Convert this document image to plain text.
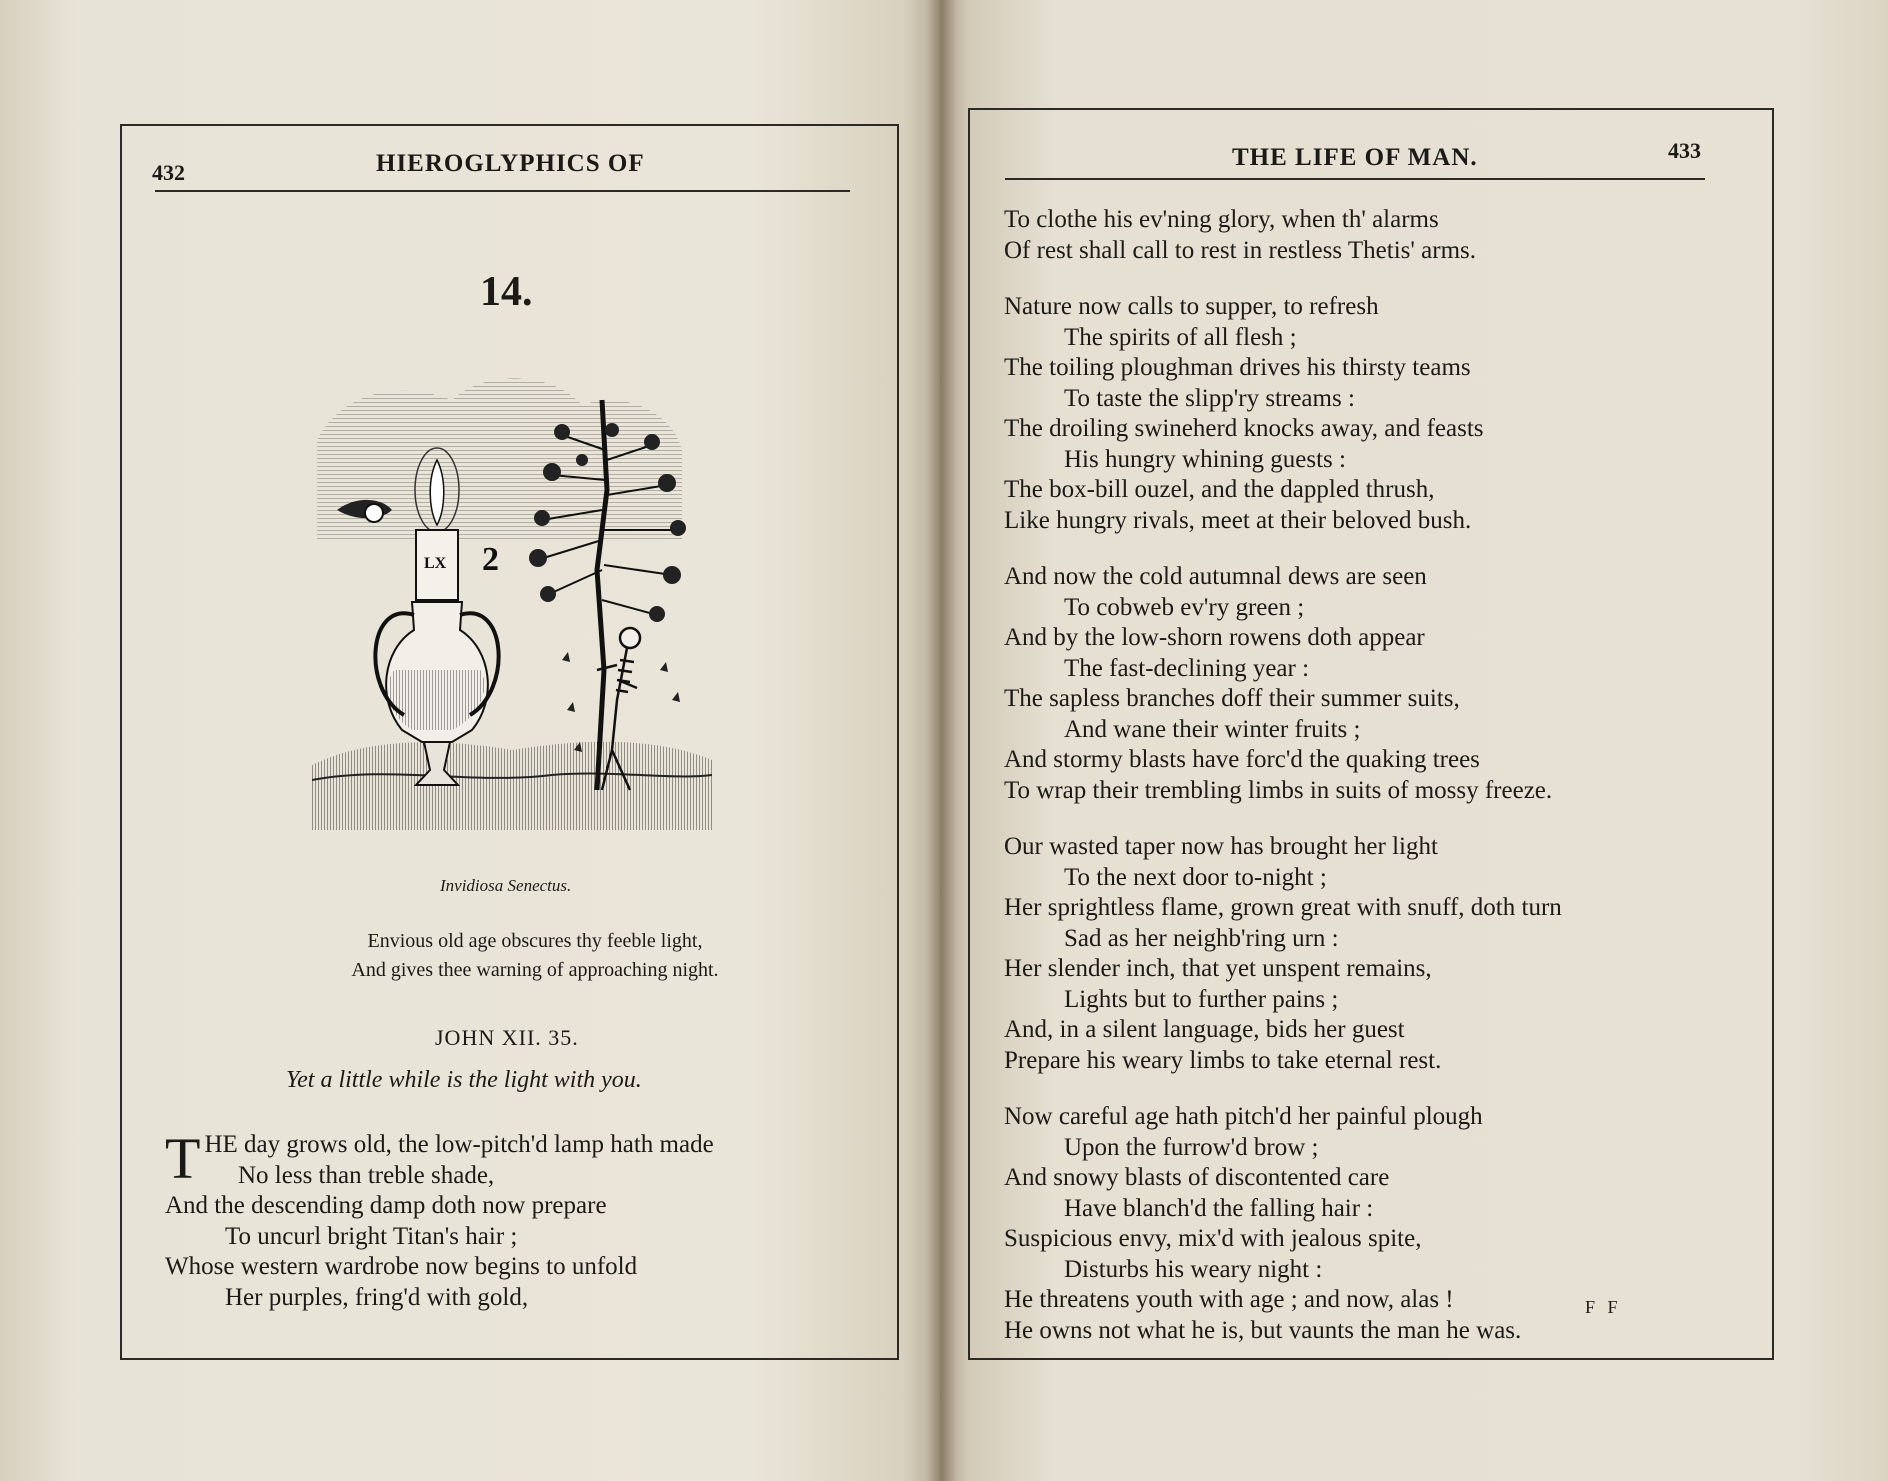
432	HIEROGLYPHICS OF
14.
LX 2
Invidiosa Senectus.
Envious old age obscures thy feeble light,
And gives thee warning of approaching night.
JOHN XII. 35.
Yet a little while is the light with you.
T HE day grows old, the low-pitch'd lamp hath made
No less than treble shade,
And the descending damp doth now prepare
To uncurl bright Titan's hair ;
Whose western wardrobe now begins to unfold
Her purples, fring'd with gold,
THE LIFE OF MAN.	433
To clothe his ev'ning glory, when th' alarms
Of rest shall call to rest in restless Thetis' arms.
Nature now calls to supper, to refresh
The spirits of all flesh ;
The toiling ploughman drives his thirsty teams
To taste the slipp'ry streams :
The droiling swineherd knocks away, and feasts
His hungry whining guests :
The box-bill ouzel, and the dappled thrush,
Like hungry rivals, meet at their beloved bush.
And now the cold autumnal dews are seen
To cobweb ev'ry green ;
And by the low-shorn rowens doth appear
The fast-declining year :
The sapless branches doff their summer suits,
And wane their winter fruits ;
And stormy blasts have forc'd the quaking trees
To wrap their trembling limbs in suits of mossy freeze.
Our wasted taper now has brought her light
To the next door to-night ;
Her sprightless flame, grown great with snuff, doth turn
Sad as her neighb'ring urn :
Her slender inch, that yet unspent remains,
Lights but to further pains ;
And, in a silent language, bids her guest
Prepare his weary limbs to take eternal rest.
Now careful age hath pitch'd her painful plough
Upon the furrow'd brow ;
And snowy blasts of discontented care
Have blanch'd the falling hair :
Suspicious envy, mix'd with jealous spite,
Disturbs his weary night :
He threatens youth with age ; and now, alas !
He owns not what he is, but vaunts the man he was.
F F
